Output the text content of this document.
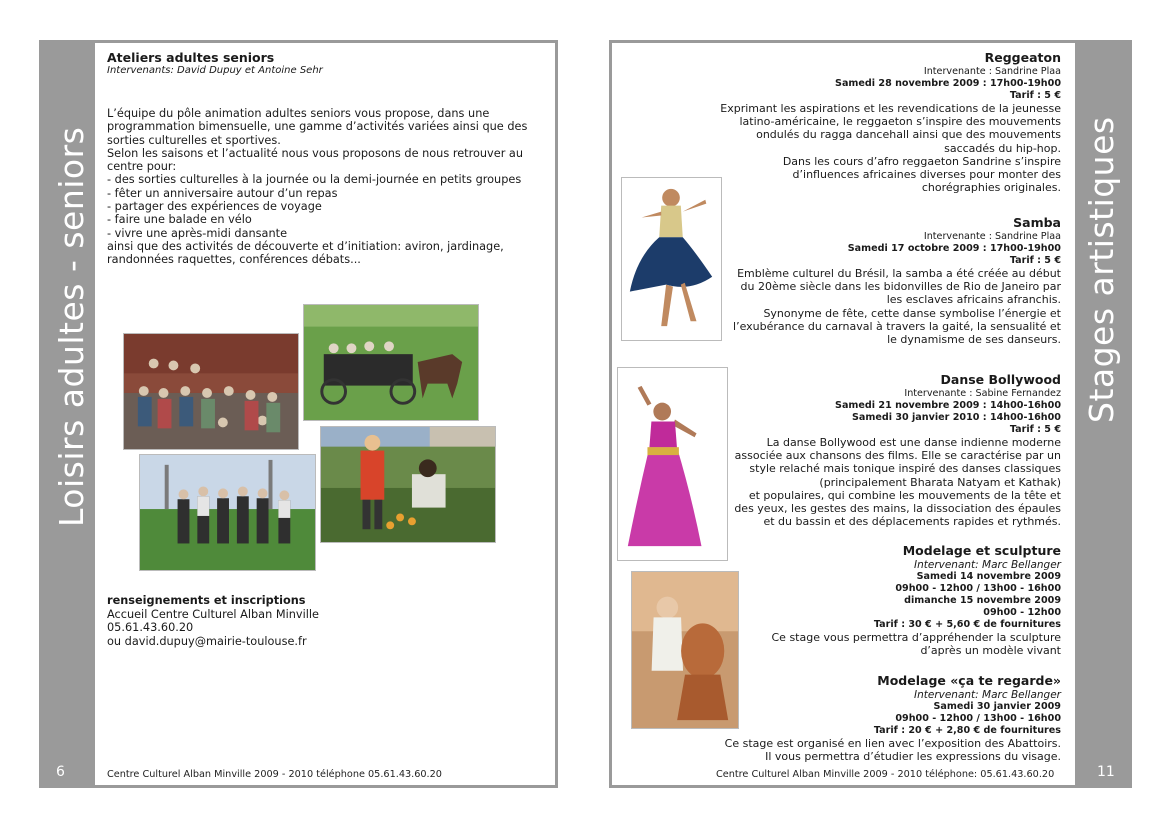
Loisirs adultes - seniors
6
Ateliers adultes seniors
Intervenants: David Dupuy et Antoine Sehr
L’équipe du pôle animation adultes seniors vous propose, dans une
programmation bimensuelle, une gamme d’activités variées ainsi que des
sorties culturelles et sportives.
Selon les saisons et l’actualité nous vous proposons de nous retrouver au
centre pour:
- des sorties culturelles à la journée ou la demi-journée en petits groupes
- fêter un anniversaire autour d’un repas
- partager des expériences de voyage
- faire une balade en vélo
- vivre une après-midi dansante
ainsi que des activités de découverte et d’initiation: aviron, jardinage,
randonnées raquettes, conférences débats...
renseignements et inscriptions
Accueil Centre Culturel Alban Minville
05.61.43.60.20
ou david.dupuy@mairie-toulouse.fr
Centre Culturel Alban Minville 2009 - 2010 téléphone 05.61.43.60.20
Stages artistiques
11
Reggeaton
Intervenante : Sandrine Plaa
Samedi 28 novembre 2009 : 17h00-19h00
Tarif : 5 €
Exprimant les aspirations et les revendications de la jeunesse
latino-américaine, le reggaeton s’inspire des mouvements
ondulés du ragga dancehall ainsi que des mouvements
saccadés du hip-hop.
Dans les cours d’afro reggaeton Sandrine s’inspire
d’influences africaines diverses pour monter des
chorégraphies originales.
Samba
Intervenante : Sandrine Plaa
Samedi 17 octobre 2009 : 17h00-19h00
Tarif : 5 €
Emblème culturel du Brésil, la samba a été créée au début
du 20ème siècle dans les bidonvilles de Rio de Janeiro par
les esclaves africains afranchis.
Synonyme de fête, cette danse symbolise l’énergie et
l’exubérance du carnaval à travers la gaité, la sensualité et
le dynamisme de ses danseurs.
Danse Bollywood
Intervenante : Sabine Fernandez
Samedi 21 novembre 2009 : 14h00-16h00
Samedi 30 janvier 2010 : 14h00-16h00
Tarif : 5 €
La danse Bollywood est une danse indienne moderne
associée aux chansons des films. Elle se caractérise par un
style relaché mais tonique inspiré des danses classiques
(principalement Bharata Natyam et Kathak)
et populaires, qui combine les mouvements de la tête et
des yeux, les gestes des mains, la dissociation des épaules
et du bassin et des déplacements rapides et rythmés.
Modelage et sculpture
Intervenant: Marc Bellanger
Samedi 14 novembre 2009
09h00 - 12h00 / 13h00 - 16h00
dimanche 15 novembre 2009
09h00 - 12h00
Tarif : 30 € + 5,60 € de fournitures
Ce stage vous permettra d’appréhender la sculpture
d’après un modèle vivant
Modelage «ça te regarde»
Intervenant: Marc Bellanger
Samedi 30 janvier 2009
09h00 - 12h00 / 13h00 - 16h00
Tarif : 20 € + 2,80 € de fournitures
Ce stage est organisé en lien avec l’exposition des Abattoirs.
Il vous permettra d’étudier les expressions du visage.
Centre Culturel Alban Minville 2009 - 2010 téléphone: 05.61.43.60.20
